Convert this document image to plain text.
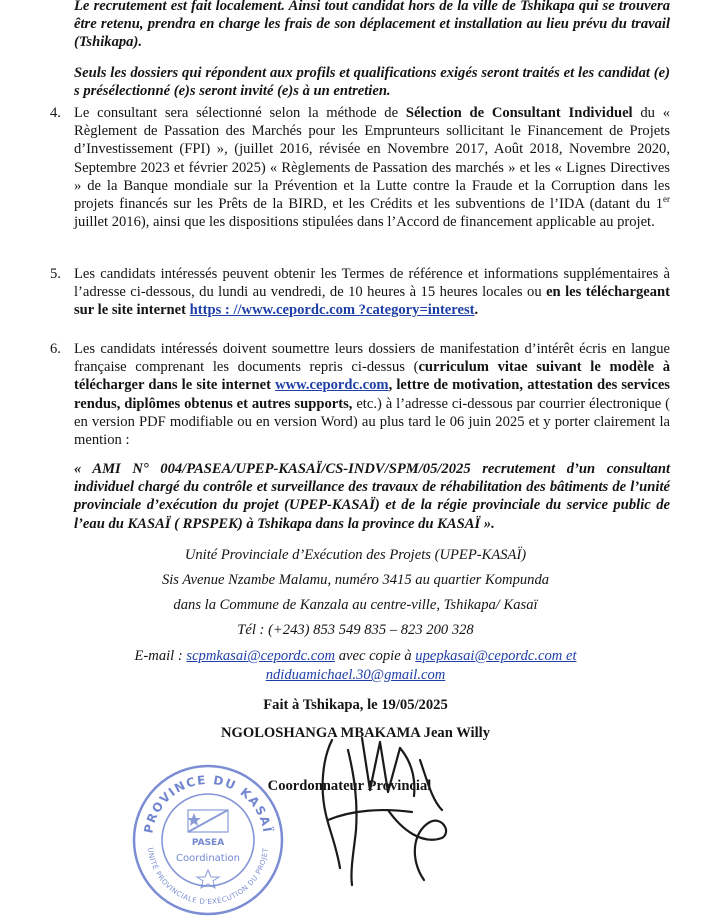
Le recrutement est fait localement. Ainsi tout candidat hors de la ville de Tshikapa qui se trouvera être retenu, prendra en charge les frais de son déplacement et installation au lieu prévu du travail (Tshikapa).
Seuls les dossiers qui répondent aux profils et qualifications exigés seront traités et les candidat (e) s présélectionné (e)s seront invité (e)s à un entretien.
4. Le consultant sera sélectionné selon la méthode de Sélection de Consultant Individuel du « Règlement de Passation des Marchés pour les Emprunteurs sollicitant le Financement de Projets d’Investissement (FPI) », (juillet 2016, révisée en Novembre 2017, Août 2018, Novembre 2020, Septembre 2023 et février 2025) « Règlements de Passation des marchés » et les « Lignes Directives » de la Banque mondiale sur la Prévention et la Lutte contre la Fraude et la Corruption dans les projets financés sur les Prêts de la BIRD, et les Crédits et les subventions de l’IDA (datant du 1er juillet 2016), ainsi que les dispositions stipulées dans l’Accord de financement applicable au projet.
5. Les candidats intéressés peuvent obtenir les Termes de référence et informations supplémentaires à l’adresse ci-dessous, du lundi au vendredi, de 10 heures à 15 heures locales ou en les téléchargeant sur le site internet https : //www.cepordc.com ?category=interest.
6. Les candidats intéressés doivent soumettre leurs dossiers de manifestation d’intérêt écris en langue française comprenant les documents repris ci-dessus (curriculum vitae suivant le modèle à télécharger dans le site internet www.cepordc.com, lettre de motivation, attestation des services rendus, diplômes obtenus et autres supports, etc.) à l’adresse ci-dessous par courrier électronique ( en version PDF modifiable ou en version Word) au plus tard le 06 juin 2025 et y porter clairement la mention :
« AMI N° 004/PASEA/UPEP-KASAÏ/CS-INDV/SPM/05/2025 recrutement d’un consultant individuel chargé du contrôle et surveillance des travaux de réhabilitation des bâtiments de l’unité provinciale d’exécution du projet (UPEP-KASAÏ) et de la régie provinciale du service public de l’eau du KASAÏ ( RPSPEK) à Tshikapa dans la province du KASAÏ ».
Unité Provinciale d’Exécution des Projets (UPEP-KASAÏ)
Sis Avenue Nzambe Malamu, numéro 3415 au quartier Kompunda
dans la Commune de Kanzala au centre-ville, Tshikapa/ Kasaï
Tél : (+243) 853 549 835 – 823 200 328
E-mail : scpmkasai@cepordc.com avec copie à upepkasai@cepordc.com et
ndiduamichael.30@gmail.com
Fait à Tshikapa, le 19/05/2025
NGOLOSHANGA MBAKAMA Jean Willy
Coordonnateur Provincial
PROVINCE DU KASAÏ
UNITÉ PROVINCIALE D'EXÉCUTION DU PROJET
PASEA
Coordination
